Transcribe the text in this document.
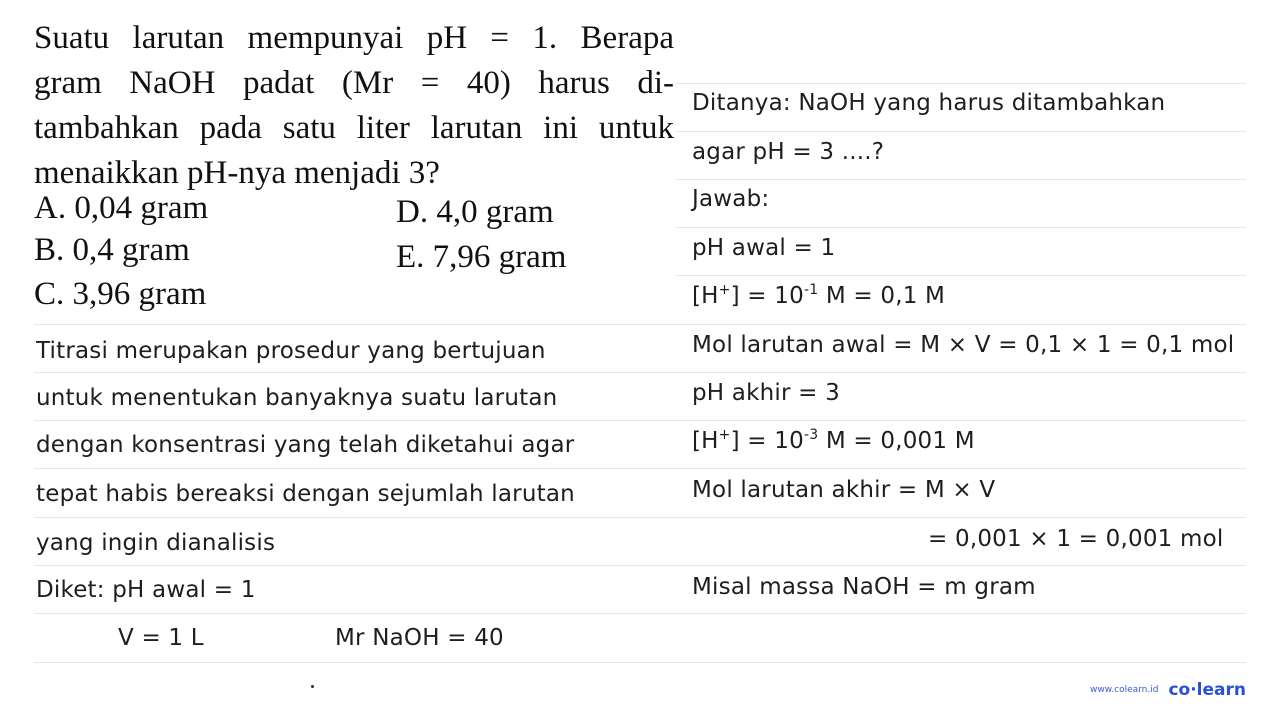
Suatu larutan mempunyai pH = 1. Berapa
gram NaOH padat (Mr = 40) harus di-
tambahkan pada satu liter larutan ini untuk
menaikkan pH-nya menjadi 3?
A. 0,04 gram
B. 0,4 gram
C. 3,96 gram
D. 4,0 gram
E. 7,96 gram
Ditanya: NaOH yang harus ditambahkan
agar pH = 3 ....?
Jawab:
pH awal = 1
$[H^+] = 10^{-1}$ M = 0,1 M
Mol larutan awal = M × V = 0,1 × 1 = 0,1 mol
pH akhir = 3
$[H^+] = 10^{-3}$ M = 0,001 M
Mol larutan akhir = M × V
= 0,001 × 1 = 0,001 mol
Misal massa NaOH = m gram
Titrasi merupakan prosedur yang bertujuan
untuk menentukan banyaknya suatu larutan
dengan konsentrasi yang telah diketahui agar
tepat habis bereaksi dengan sejumlah larutan
yang ingin dianalisis
Diket: pH awal = 1
V = 1 L	Mr NaOH = 40
www.colearn.id co·learn
